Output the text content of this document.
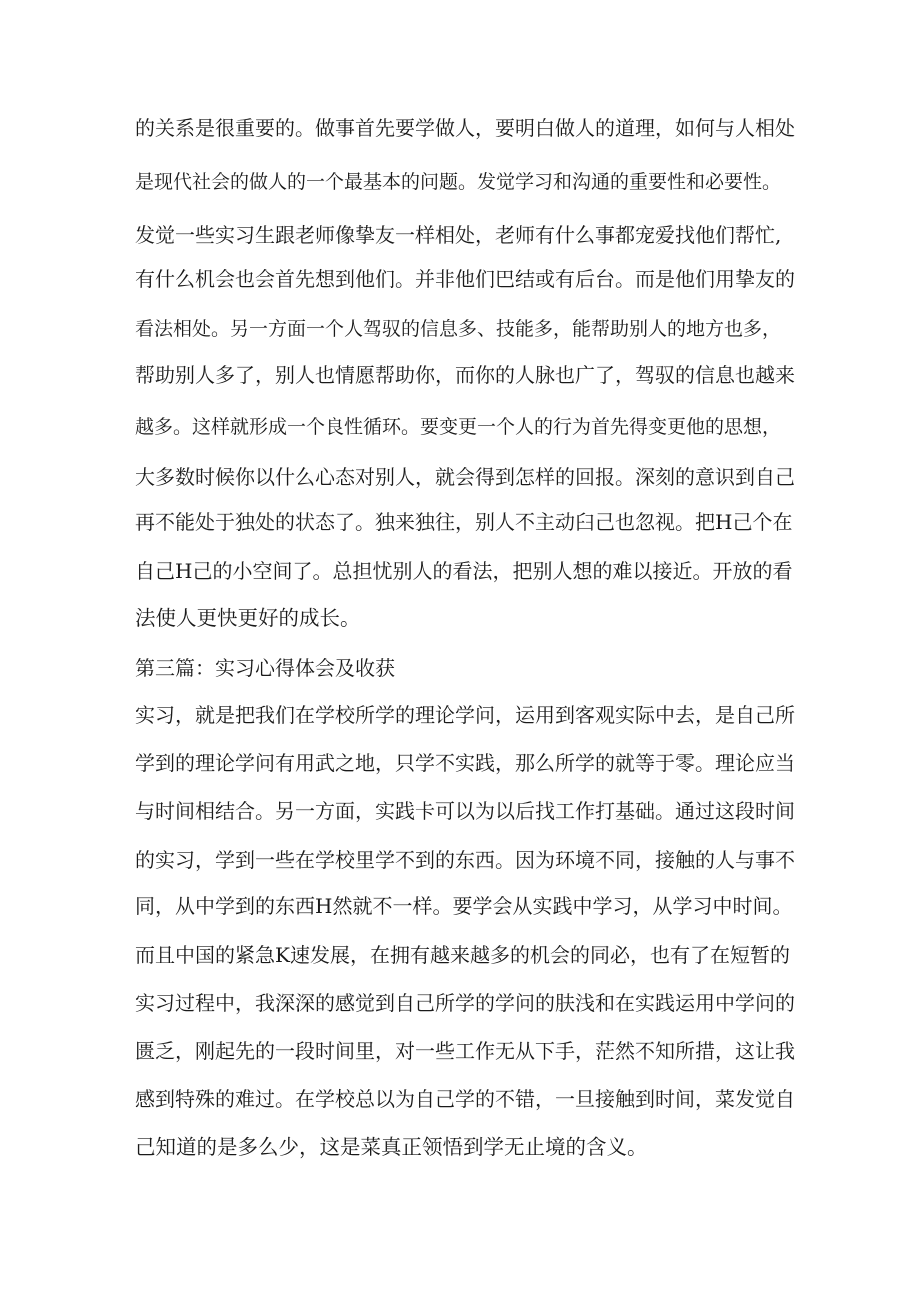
的关系是很重要的。做事首先要学做人，要明白做人的道理，如何与人相处
是现代社会的做人的一个最基本的问题。发觉学习和沟通的重要性和必要性。
发觉一些实习生跟老师像挚友一样相处，老师有什么事都宠爱找他们帮忙,
有什么机会也会首先想到他们。并非他们巴结或有后台。而是他们用挚友的
看法相处。另一方面一个人驾驭的信息多、技能多，能帮助别人的地方也多，
帮助别人多了，别人也情愿帮助你，而你的人脉也广了，驾驭的信息也越来
越多。这样就形成一个良性循环。要变更一个人的行为首先得变更他的思想，
大多数时候你以什么心态对别人，就会得到怎样的回报。深刻的意识到自己
再不能处于独处的状态了。独来独往，别人不主动臼己也忽视。把H己个在
自己H己的小空间了。总担忧别人的看法，把别人想的难以接近。开放的看
法使人更快更好的成长。
第三篇：实习心得体会及收获
实习，就是把我们在学校所学的理论学问，运用到客观实际中去，是自己所
学到的理论学问有用武之地，只学不实践，那么所学的就等于零。理论应当
与时间相结合。另一方面，实践卡可以为以后找工作打基础。通过这段时间
的实习，学到一些在学校里学不到的东西。因为环境不同，接触的人与事不
同，从中学到的东西H然就不一样。要学会从实践中学习，从学习中时间。
而且中国的紧急K速发展，在拥有越来越多的机会的同必，也有了在短暂的
实习过程中，我深深的感觉到自己所学的学问的肤浅和在实践运用中学问的
匮乏，刚起先的一段时间里，对一些工作无从下手，茫然不知所措，这让我
感到特殊的难过。在学校总以为自己学的不错，一旦接触到时间，菜发觉自
己知道的是多么少，这是菜真正领悟到学无止境的含义。
